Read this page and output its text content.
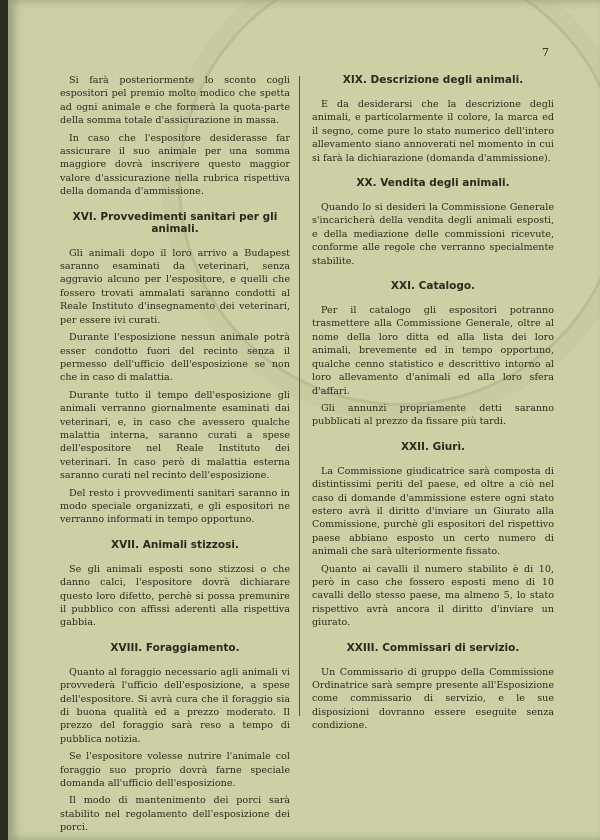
7

Si farà posteriormente lo sconto cogli espositori pel premio molto modico che spetta ad ogni animale e che formerà la quota-parte della somma totale d'assicurazione in massa.

In caso che l'espositore desiderasse far assicurare il suo animale per una somma maggiore dovrà inscrivere questo maggior valore d'assicurazione nella rubrica rispettiva della domanda d'ammissione.

XVI. Provvedimenti sanitari per gli animali.

Gli animali dopo il loro arrivo a Budapest saranno esaminati da veterinari, senza aggravio alcuno per l'espositore, e quelli che fossero trovati ammalati saranno condotti al Reale Instituto d'insegnamento dei veterinari, per essere ivi curati.

Durante l'esposizione nessun animale potrà esser condotto fuori del recinto senza il permesso dell'ufficio dell'esposizione se non che in caso di malattia.

Durante tutto il tempo dell'esposizione gli animali verranno giornalmente esaminati dai veterinari, e, in caso che avessero qualche malattia interna, saranno curati a spese dell'espositore nel Reale Instituto dei veterinari. In caso però di malattia esterna saranno curati nel recinto dell'esposizione.

Del resto i provvedimenti sanitari saranno in modo speciale organizzati, e gli espositori ne verranno informati in tempo opportuno.

XVII. Animali stizzosi.

Se gli animali esposti sono stizzosi o che danno calci, l'espositore dovrà dichiarare questo loro difetto, perchè si possa premunire il pubblico con affissi aderenti alla rispettiva gabbia.

XVIII. Foraggiamento.

Quanto al foraggio necessario agli animali vi provvederà l'ufficio dell'esposizione, a spese dell'espositore. Si avrà cura che il foraggio sia di buona qualità ed a prezzo moderato. Il prezzo del foraggio sarà reso a tempo di pubblica notizia.

Se l'espositore volesse nutrire l'animale col foraggio suo proprio dovrà farne speciale domanda all'ufficio dell'esposizione.

Il modo di mantenimento dei porci sarà stabilito nel regolamento dell'esposizione dei porci.

XIX. Descrizione degli animali.

E da desiderarsi che la descrizione degli animali, e particolarmente il colore, la marca ed il segno, come pure lo stato numerico dell'intero allevamento siano annoverati nel momento in cui si farà la dichiarazione (domanda d'ammissione).

XX. Vendita degli animali.

Quando lo si desideri la Commissione Generale s'incaricherà della vendita degli animali esposti, e della mediazione delle commissioni ricevute, conforme alle regole che verranno specialmente stabilite.

XXI. Catalogo.

Per il catalogo gli espositori potranno trasmettere alla Commissione Generale, oltre al nome della loro ditta ed alla lista dei loro animali, brevemente ed in tempo opportuno, qualche cenno statistico e descrittivo intorno al loro allevamento d'animali ed alla loro sfera d'affari.

Gli annunzi propriamente detti saranno pubblicati al prezzo da fissare più tardi.

XXII. Giurì.

La Commissione giudicatrice sarà composta di distintissimi periti del paese, ed oltre a ciò nel caso di domande d'ammissione estere ogni stato estero avrà il diritto d'inviare un Giurato alla Commissione, purchè gli espositori del rispettivo paese abbiano esposto un certo numero di animali che sarà ulteriormente fissato.

Quanto ai cavalli il numero stabilito è di 10, però in caso che fossero esposti meno di 10 cavalli dello stesso paese, ma almeno 5, lo stato rispettivo avrà ancora il diritto d'inviare un giurato.

XXIII. Commissari di servizio.

Un Commissario di gruppo della Commissione Ordinatrice sarà sempre presente all'Esposizione come commissario di servizio, e le sue disposizioni dovranno essere eseguite senza condizione.
